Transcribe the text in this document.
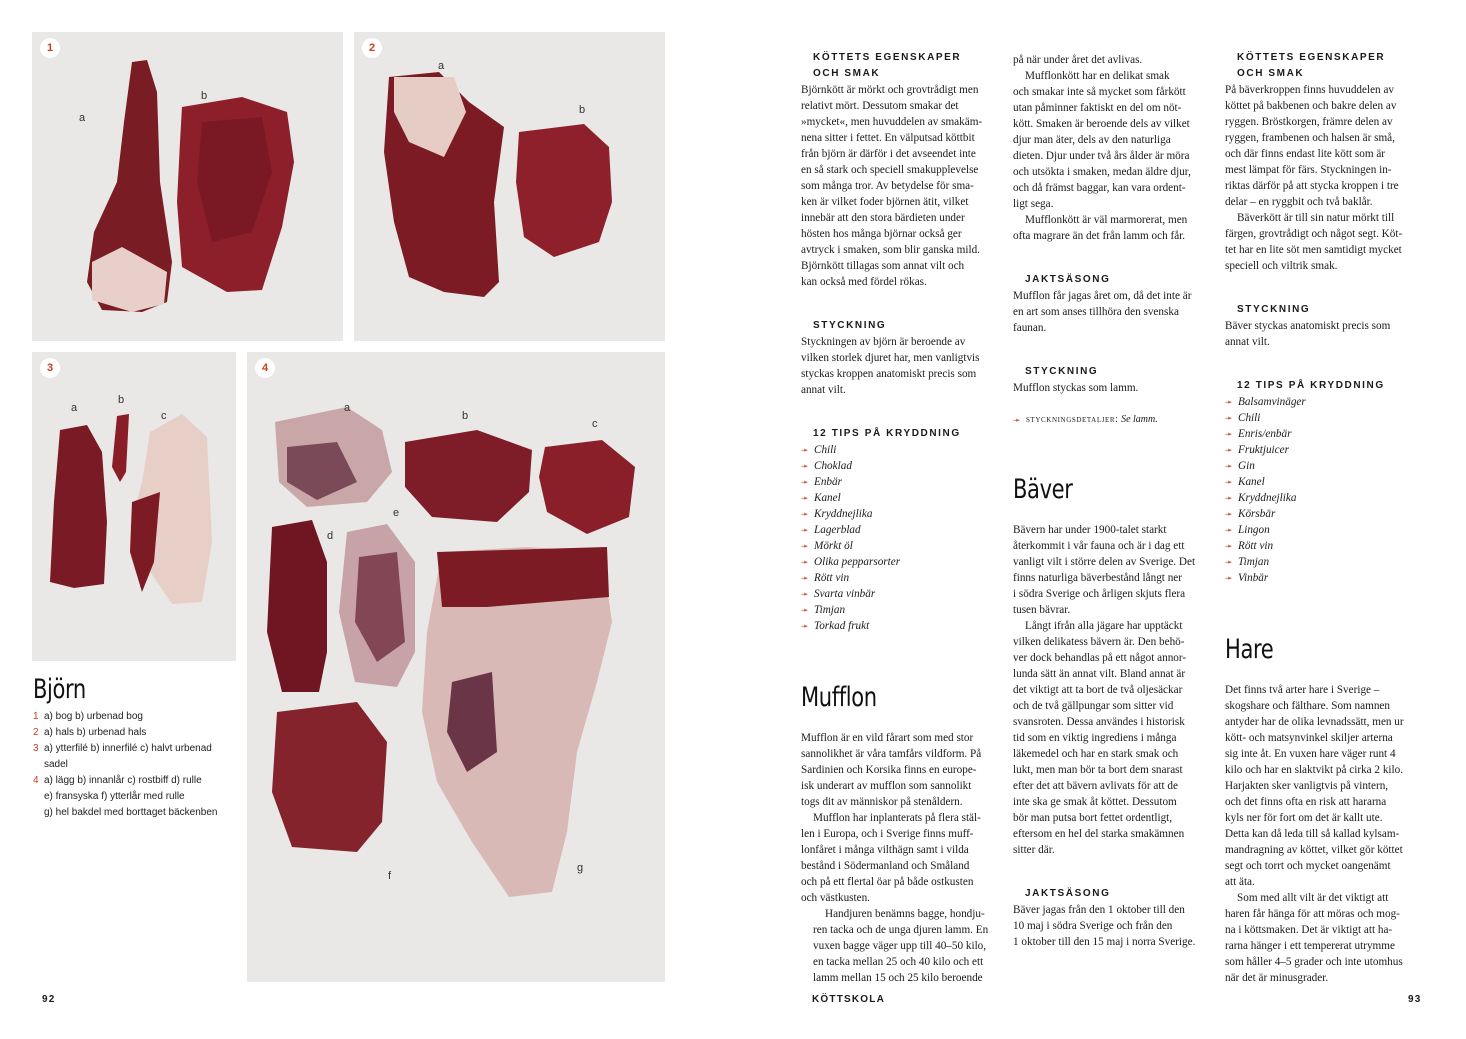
1
a
b
2
a
b
3
a
b
c
4
a
b
c
d
e
f
g
Björn
1 a) bog b) urbenad bog
2 a) hals b) urbenad hals
3 a) ytterfilé b) innerfilé c) halvt urbenad
sadel
4 a) lägg b) innanlår c) rostbiff d) rulle
e) fransyska f) ytterlår med rulle
g) hel bakdel med borttaget bäckenben
92
KÖTTETS EGENSKAPER
OCH SMAK
Björnkött är mörkt och grovtrådigt men
relativt mört. Dessutom smakar det
»mycket«, men huvuddelen av smakäm-
nena sitter i fettet. En välputsad köttbit
från björn är därför i det avseendet inte
en så stark och speciell smakupplevelse
som många tror. Av betydelse för smа-
ken är vilket foder björnen ätit, vilket
innebär att den stora bärdieten under
hösten hos många björnar också ger
avtryck i smaken, som blir ganska mild.
Björnkött tillagas som annat vilt och
kan också med fördel rökas.
STYCKNING
Styckningen av björn är beroende av
vilken storlek djuret har, men vanligtvis
styckas kroppen anatomiskt precis som
annat vilt.
12 TIPS PÅ KRYDDNING
➛ Chili
➛ Choklad
➛ Enbär
➛ Kanel
➛ Kryddnejlika
➛ Lagerblad
➛ Mörkt öl
➛ Olika pepparsorter
➛ Rött vin
➛ Svarta vinbär
➛ Timjan
➛ Torkad frukt
Mufflon
Mufflon är en vild fårart som med stor
sannolikhet är våra tamfårs vildform. På
Sardinien och Korsika finns en europe-
isk underart av mufflon som sannolikt
togs dit av människor på stenåldern.
Mufflon har inplanterats på flera stäl-
len i Europa, och i Sverige finns muff-
lonfåret i många vilthägn samt i vilda
bestånd i Södermanland och Småland
och på ett flertal öar på både ostkusten
och västkusten.
Handjuren benämns bagge, hondju-
ren tacka och de unga djuren lamm. En
vuxen bagge väger upp till 40–50 kilo,
en tacka mellan 25 och 40 kilo och ett
lamm mellan 15 och 25 kilo beroende
på när under året det avlivas.
Mufflonkött har en delikat smak
och smakar inte så mycket som fårkött
utan påminner faktiskt en del om nöt-
kött. Smaken är beroende dels av vilket
djur man äter, dels av den naturliga
dieten. Djur under två års ålder är möra
och utsökta i smaken, medan äldre djur,
och då främst baggar, kan vara ordent-
ligt sega.
Mufflonkött är väl marmorerat, men
ofta magrare än det från lamm och får.
JAKTSÄSONG
Mufflon får jagas året om, då det inte är
en art som anses tillhöra den svenska
faunan.
STYCKNING
Mufflon styckas som lamm.
➛ styckningsdetaljer:
Se lamm.
Bäver
Bävern har under 1900-talet starkt
återkommit i vår fauna och är i dag ett
vanligt vilt i större delen av Sverige. Det
finns naturliga bäverbestånd långt ner
i södra Sverige och årligen skjuts flera
tusen bävrar.
Långt ifrån alla jägare har upptäckt
vilken delikatess bävern är. Den behö-
ver dock behandlas på ett något annor-
lunda sätt än annat vilt. Bland annat är
det viktigt att ta bort de två oljesäckar
och de två gällpungar som sitter vid
svansroten. Dessa användes i historisk
tid som en viktig ingrediens i många
läkemedel och har en stark smak och
lukt, men man bör ta bort dem snarast
efter det att bävern avlivats för att de
inte ska ge smak åt köttet. Dessutom
bör man putsa bort fettet ordentligt,
eftersom en hel del starka smakämnen
sitter där.
JAKTSÄSONG
Bäver jagas från den 1 oktober till den
10 maj i södra Sverige och från den
1 oktober till den 15 maj i norra Sverige.
KÖTTETS EGENSKAPER
OCH SMAK
På bäverkroppen finns huvuddelen av
köttet på bakbenen och bakre delen av
ryggen. Bröstkorgen, främre delen av
ryggen, frambenen och halsen är små,
och där finns endast lite kött som är
mest lämpat för färs. Styckningen in-
riktas därför på att stycka kroppen i tre
delar – en ryggbit och två baklår.
Bäverkött är till sin natur mörkt till
färgen, grovtrådigt och något segt. Köt-
tet har en lite söt men samtidigt mycket
speciell och viltrik smak.
STYCKNING
Bäver styckas anatomiskt precis som
annat vilt.
12 TIPS PÅ KRYDDNING
➛ Balsamvinäger
➛ Chili
➛ Enris/enbär
➛ Fruktjuicer
➛ Gin
➛ Kanel
➛ Kryddnejlika
➛ Körsbär
➛ Lingon
➛ Rött vin
➛ Timjan
➛ Vinbär
Hare
Det finns två arter hare i Sverige –
skogshare och fälthare. Som namnen
antyder har de olika levnadssätt, men ur
kött- och matsynvinkel skiljer arterna
sig inte åt. En vuxen hare väger runt 4
kilo och har en slaktvikt på cirka 2 kilo.
Harjakten sker vanligtvis på vintern,
och det finns ofta en risk att hararna
kyls ner för fort om det är kallt ute.
Detta kan då leda till så kallad kylsam-
mandragning av köttet, vilket gör köttet
segt och torrt och mycket oangenämt
att äta.
Som med allt vilt är det viktigt att
haren får hänga för att möras och mog-
na i köttsmaken. Det är viktigt att ha-
rarna hänger i ett tempererat utrymme
som håller 4–5 grader och inte utomhus
när det är minusgrader.
KÖTTSKOLA	93
